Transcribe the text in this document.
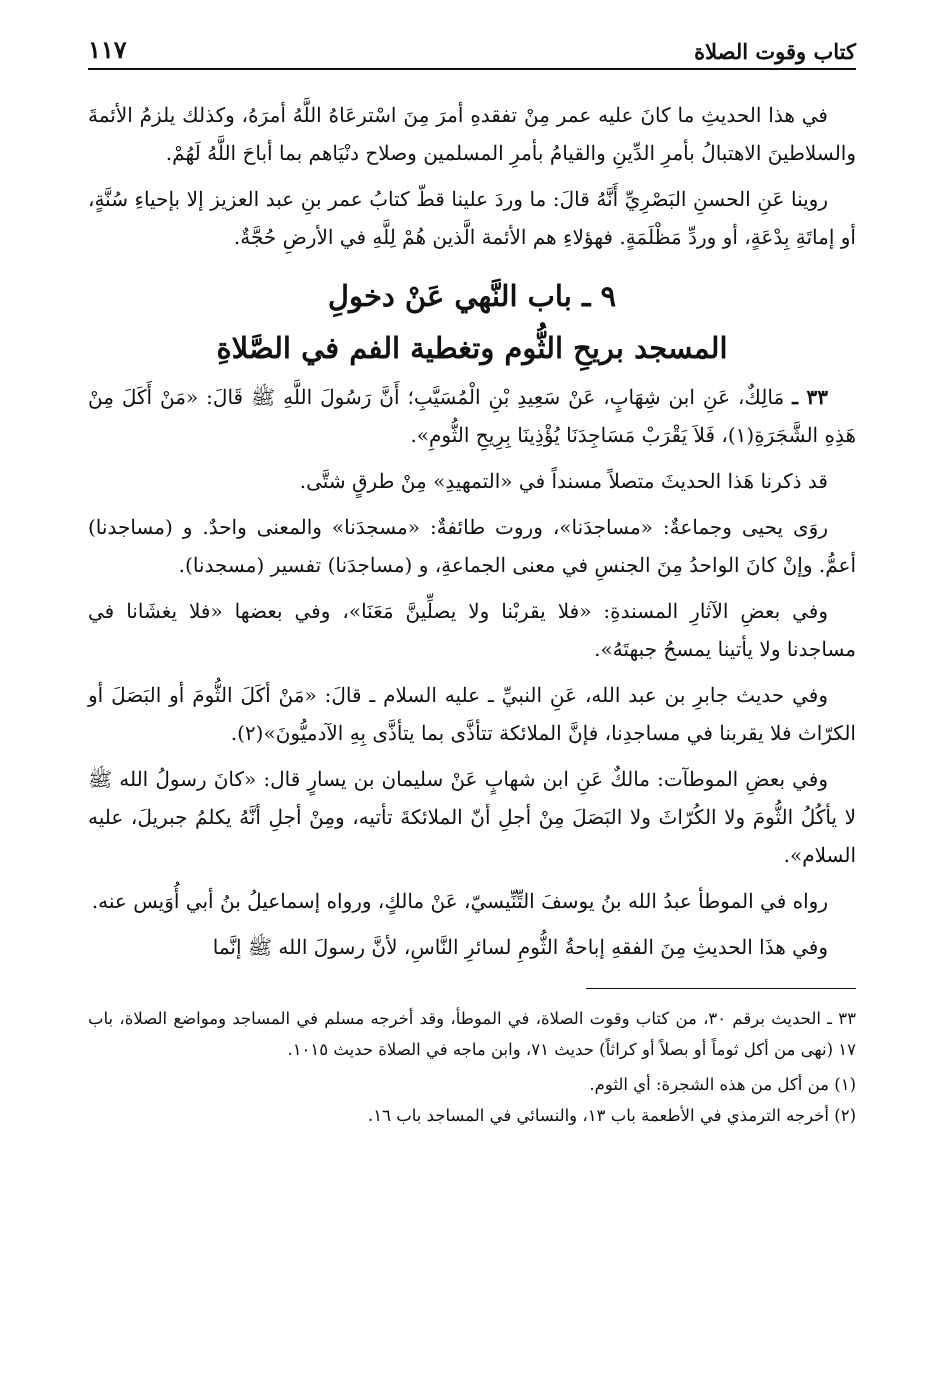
كتاب وقوت الصلاة
١١٧

في هذا الحديثِ ما كانَ عليه عمر مِنْ تفقدهِ أمرَ مِنَ اسْترعَاهُ اللَّهُ أمرَهُ، وكذلك يلزمُ الأئمةَ والسلاطينَ الاهتبالُ بأمرِ الدِّينِ والقيامُ بأمرِ المسلمين وصلاح دنْيَاهم بما أباحَ اللَّهُ لَهُمْ.

روينا عَنِ الحسنِ البَصْرِيِّ أَنَّهُ قالَ: ما وردَ علينا قطّ كتابُ عمر بنِ عبد العزيز إلا بإحياءِ سُنَّةٍ، أو إماتَةِ بِدْعَةٍ، أو وردِّ مَظْلَمَةٍ. فهؤلاءِ هم الأئمة الَّذين هُمْ لِلَّهِ في الأرضِ حُجَّةٌ.

٩ ـ باب النَّهي عَنْ دخولِ
المسجد بريحِ الثُّوم وتغطية الفم في الصَّلاةِ

٣٣ ـ مَالِكٌ، عَنِ ابن شِهَابٍ، عَنْ سَعِيدِ بْنِ الْمُسَيَّبِ؛ أَنَّ رَسُولَ اللَّهِ ﷺ قَالَ: «مَنْ أَكَلَ مِنْ هَذِهِ الشَّجَرَةِ(١)، فَلاَ يَقْرَبْ مَسَاجِدَنَا يُؤْذِينَا بِرِيحِ الثُّومِ».

قد ذكرنا هَذا الحديثَ متصلاً مسنداً في «التمهيدِ» مِنْ طرقٍ شتَّى.

روَى يحيى وجماعةٌ: «مساجدَنا»، وروت طائفةٌ: «مسجدَنا» والمعنى واحدٌ. و (مساجدنا) أعمُّ. وإنْ كانَ الواحدُ مِنَ الجنسِ في معنى الجماعةِ، و (مساجدَنا) تفسير (مسجدنا).

وفي بعضِ الآثارِ المسندةِ: «فلا يقربْنا ولا يصلِّينَّ مَعَنَا»، وفي بعضها «فلا يغشَانا في مساجدنا ولا يأتينا يمسحُ جبهتَهُ».

وفي حديث جابرِ بن عبد الله، عَنِ النبيِّ ـ عليه السلام ـ قالَ: «مَنْ أكَلَ الثُّومَ أو البَصَلَ أو الكرّاث فلا يقربنا في مساجدِنا، فإنَّ الملائكة تتأذَّى بما يتأذَّى بِهِ الآدميُّونَ»(٢).

وفي بعضِ الموطآت: مالكٌ عَنِ ابن شهابٍ عَنْ سليمان بن يسارٍ قال: «كانَ رسولُ الله ﷺ لا يأكُلُ الثُّومَ ولا الكُرّاثَ ولا البَصَلَ مِنْ أجلِ أنّ الملائكةَ تأتيه، ومِنْ أجلِ أنَّهُ يكلمُ جبريلَ، عليه السلام».

رواه في الموطأ عبدُ الله بنُ يوسفَ التِّنِّيسيّ، عَنْ مالكٍ، ورواه إسماعيلُ بنُ أبي أُوَيس عنه.

وفي هذَا الحديثِ مِنَ الفقهِ إباحةُ الثُّومِ لسائرِ النَّاسِ، لأنَّ رسولَ الله ﷺ إنَّما

٣٣ ـ الحديث برقم ٣٠، من كتاب وقوت الصلاة، في الموطأ، وقد أخرجه مسلم في المساجد ومواضع الصلاة، باب ١٧ (نهى من أكل ثوماً أو بصلاً أو كراثاً) حديث ٧١، وابن ماجه في الصلاة حديث ١٠١٥.

(١) من أكل من هذه الشجرة: أي الثوم.

(٢) أخرجه الترمذي في الأطعمة باب ١٣، والنسائي في المساجد باب ١٦.
